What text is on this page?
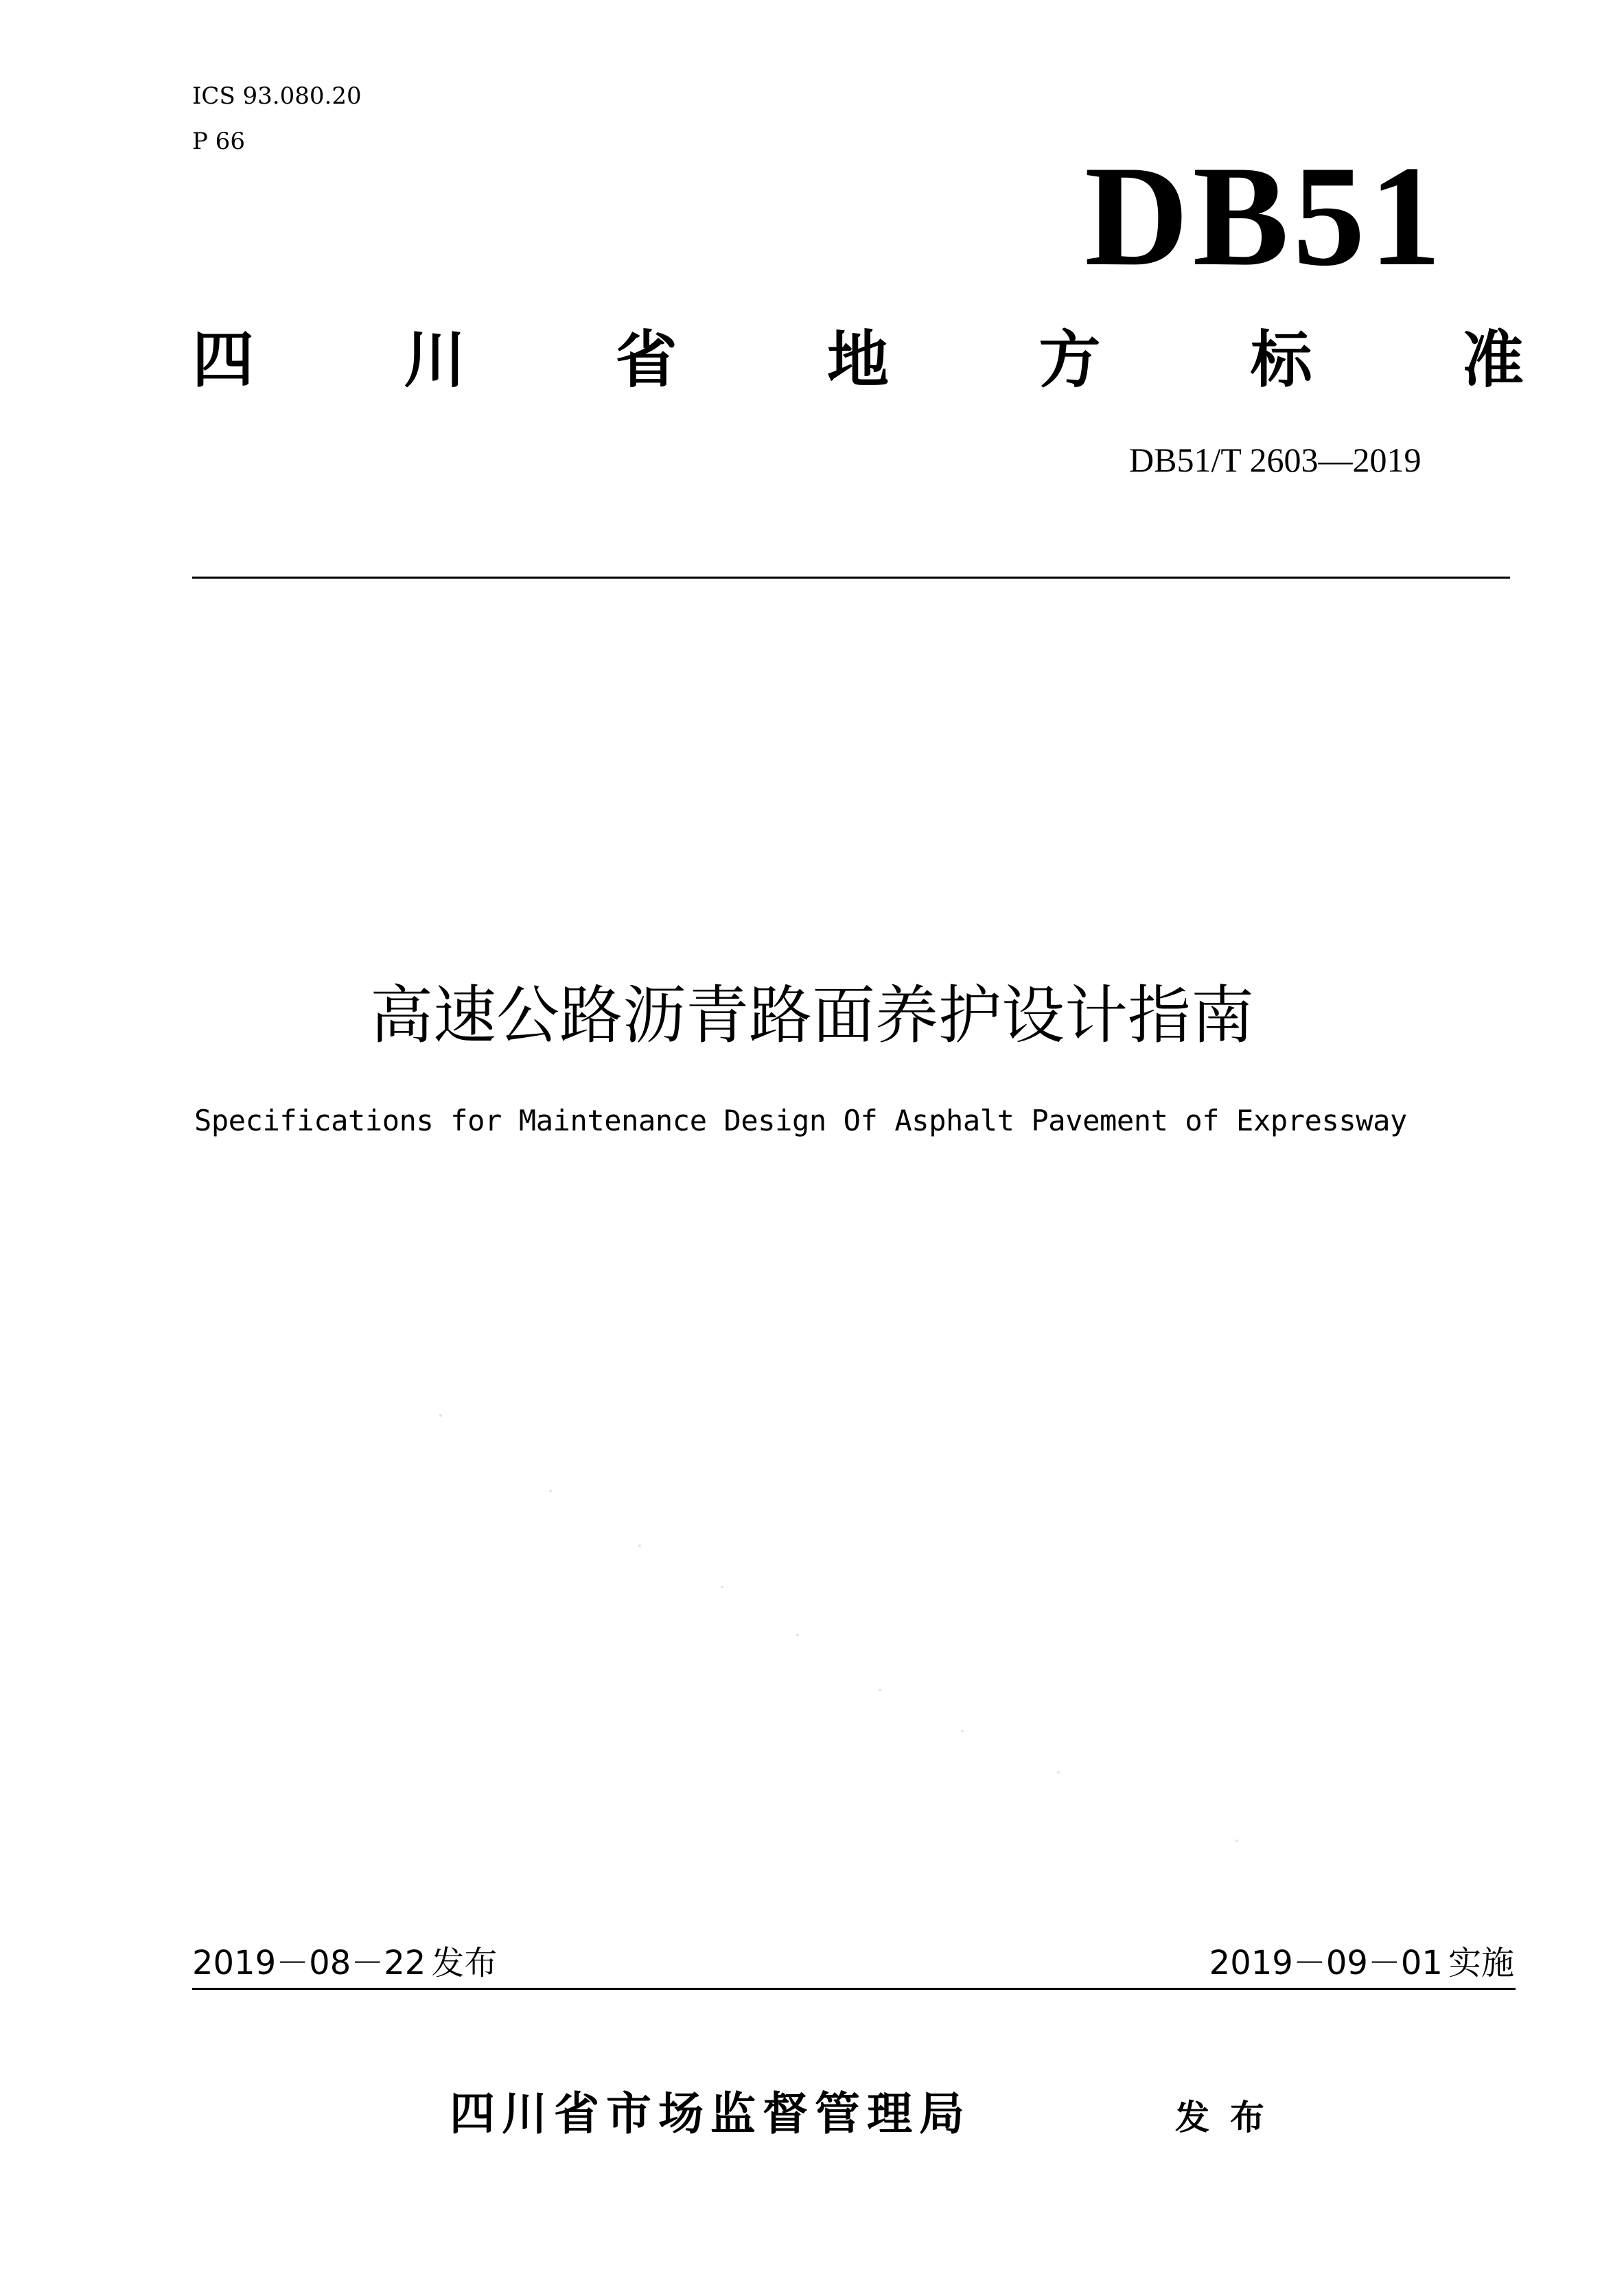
ICS 93.080.20
P 66	DB51
四 川 省 地 方 标 准
DB51/T 2603—2019
高速公路沥青路面养护设计指南
Specifications for Maintenance Design Of Asphalt Pavement of Expressway
2019－08－22 发布	2019－09－01 实施
四川省市场监督管理局	发布
